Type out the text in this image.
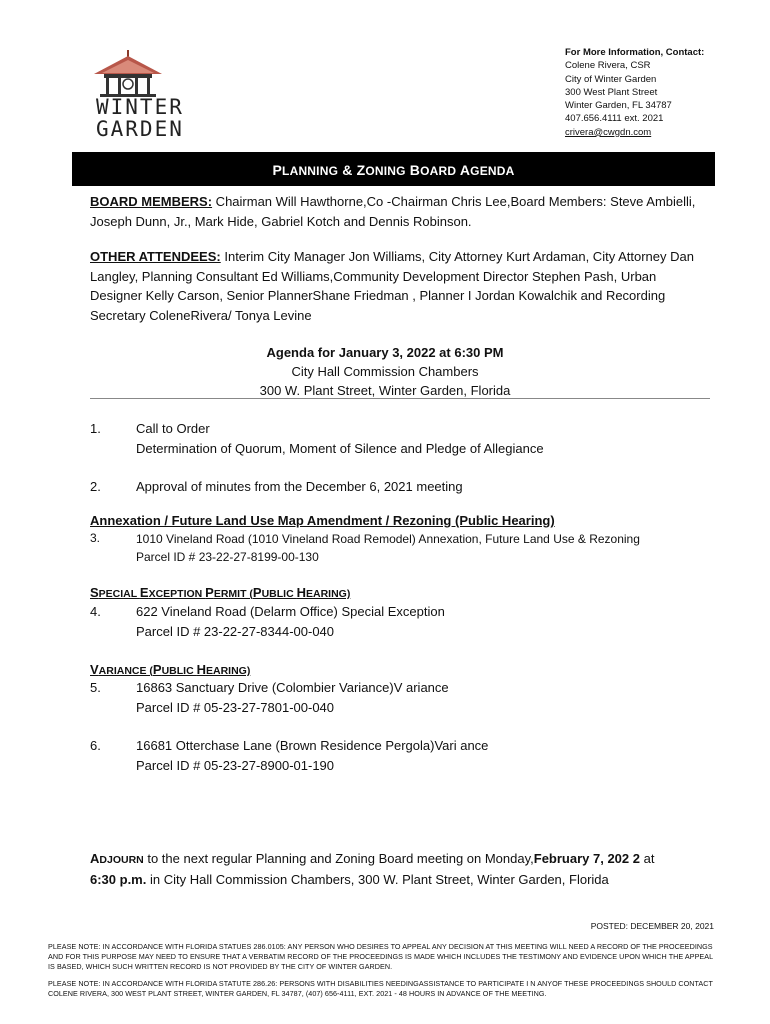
WINTER
GARDEN
For More Information, Contact:
Colene Rivera, CSR
City of Winter Garden
300 West Plant Street
Winter Garden, FL 34787
407.656.4111 ext. 2021
crivera@cwgdn.com
PLANNING & ZONING BOARD AGENDA
BOARD MEMBERS: Chairman Will Hawthorne,Co -Chairman Chris Lee,Board Members: Steve Ambielli, Joseph Dunn, Jr., Mark Hide, Gabriel Kotch and Dennis Robinson.
OTHER ATTENDEES: Interim City Manager Jon Williams, City Attorney Kurt Ardaman, City Attorney Dan Langley, Planning Consultant Ed Williams,Community Development Director Stephen Pash, Urban Designer Kelly Carson, Senior PlannerShane Friedman , Planner I Jordan Kowalchik and Recording Secretary ColeneRivera/ Tonya Levine
Agenda for January 3, 2022 at 6:30 PM
City Hall Commission Chambers
300 W. Plant Street, Winter Garden, Florida
1.	Call to Order
Determination of Quorum, Moment of Silence and Pledge of Allegiance
2.	Approval of minutes from the December 6, 2021 meeting
Annexation / Future Land Use Map Amendment / Rezoning (Public Hearing)
3.	1010 Vineland Road (1010 Vineland Road Remodel) Annexation, Future Land Use & Rezoning
Parcel ID # 23-22-27-8199-00-130
SPECIAL EXCEPTION PERMIT (PUBLIC HEARING)
4.	622 Vineland Road (Delarm Office) Special Exception
Parcel ID # 23-22-27-8344-00-040
VARIANCE (PUBLIC HEARING)
5.	16863 Sanctuary Drive (Colombier Variance)V ariance
Parcel ID # 05-23-27-7801-00-040
6.	16681 Otterchase Lane (Brown Residence Pergola)Vari ance
Parcel ID # 05-23-27-8900-01-190
ADJOURN to the next regular Planning and Zoning Board meeting on Monday,February 7, 202 2 at
6:30 p.m. in City Hall Commission Chambers, 300 W. Plant Street, Winter Garden, Florida
POSTED: DECEMBER 20, 2021
PLEASE NOTE: IN ACCORDANCE WITH FLORIDA STATUES 286.0105: ANY PERSON WHO DESIRES TO APPEAL ANY DECISION AT THIS MEETING WILL NEED A RECORD OF THE PROCEEDINGS AND FOR THIS PURPOSE MAY NEED TO ENSURE THAT A VERBATIM RECORD OF THE PROCEEDINGS IS MADE WHICH INCLUDES THE TESTIMONY AND EVIDENCE UPON WHICH THE APPEAL IS BASED, WHICH SUCH WRITTEN RECORD IS NOT PROVIDED BY THE CITY OF WINTER GARDEN.
PLEASE NOTE: IN ACCORDANCE WITH FLORIDA STATUTE 286.26: PERSONS WITH DISABILITIES NEEDINGASSISTANCE TO PARTICIPATE I N ANYOF THESE PROCEEDINGS SHOULD CONTACT COLENE RIVERA, 300 WEST PLANT STREET, WINTER GARDEN, FL 34787, (407) 656-4111, EXT. 2021 - 48 HOURS IN ADVANCE OF THE MEETING.
